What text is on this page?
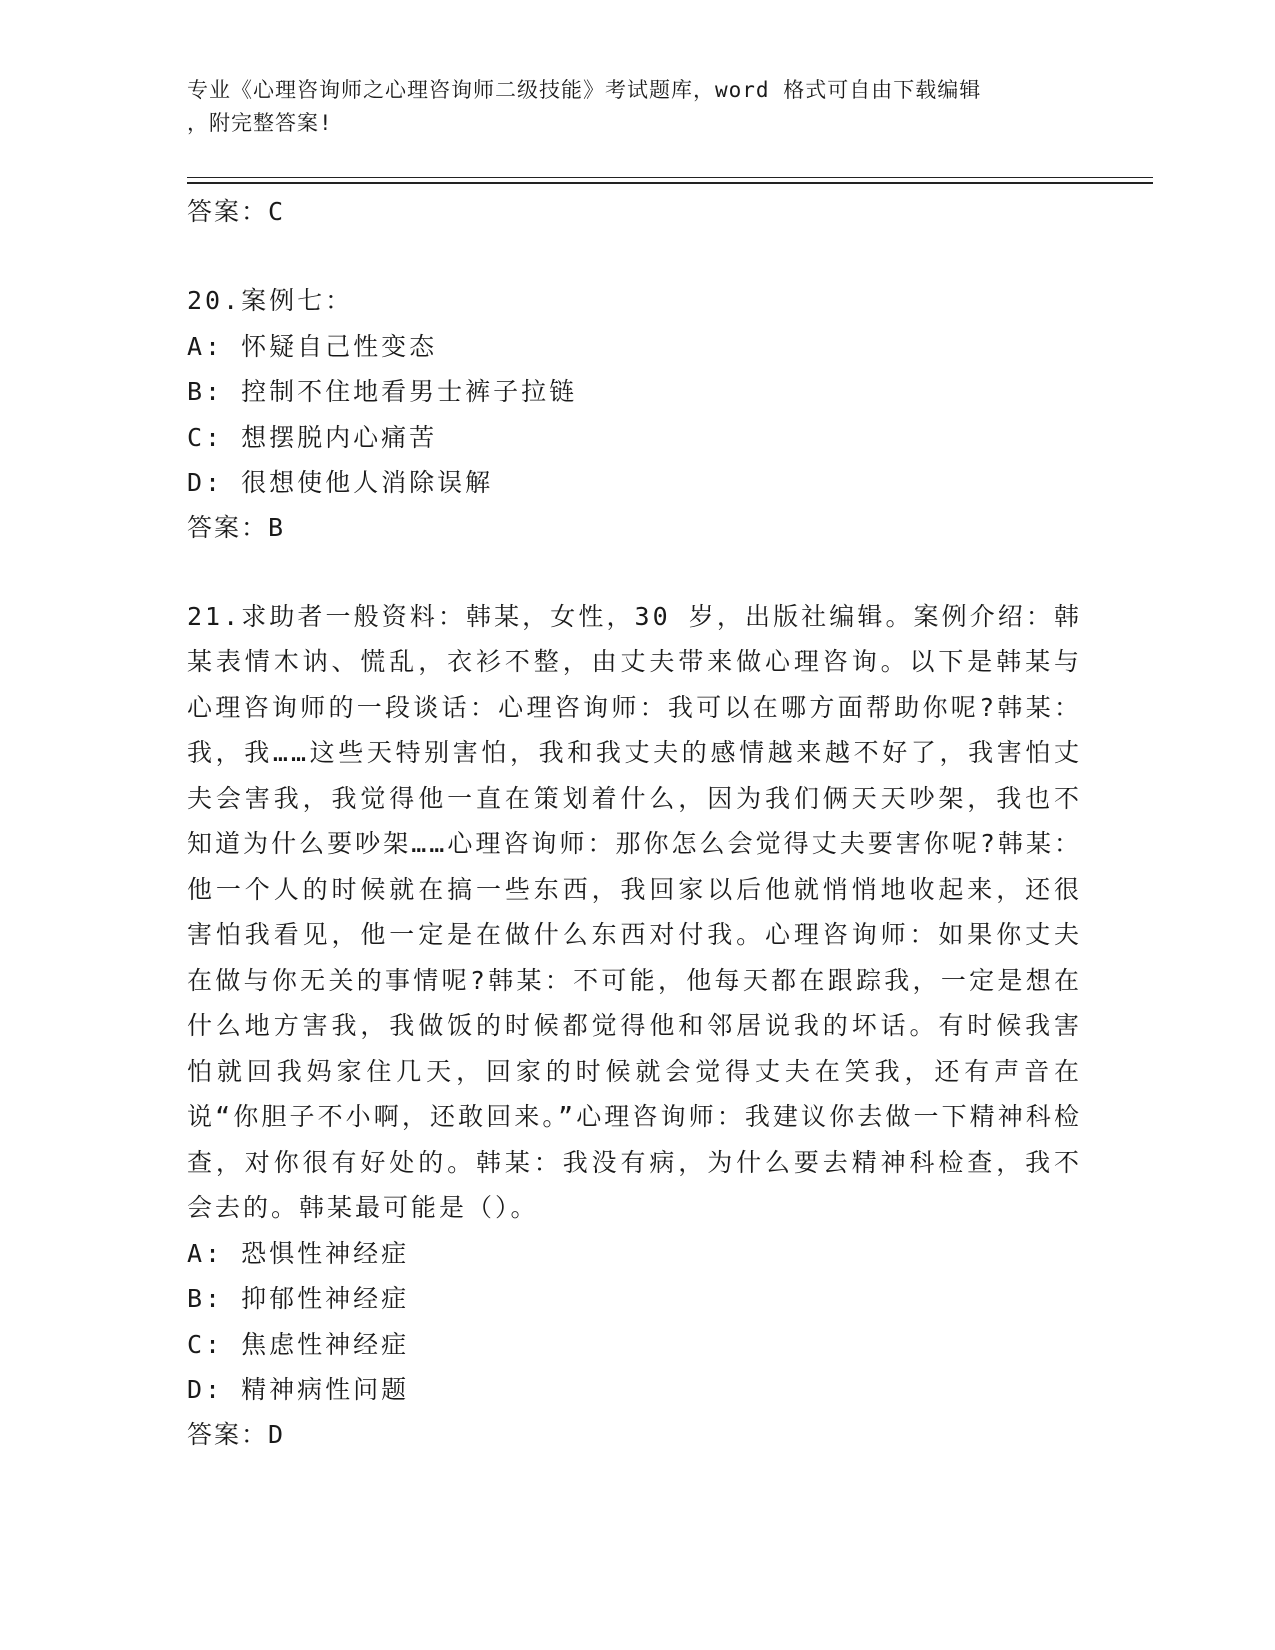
专业《心理咨询师之心理咨询师二级技能》考试题库，word 格式可自由下载编辑
，附完整答案!
答案：C
20.案例七：
A: 怀疑自己性变态
B: 控制不住地看男士裤子拉链
C: 想摆脱内心痛苦
D: 很想使他人消除误解
答案：B
21.求助者一般资料：韩某，女性，30 岁，出版社编辑。案例介绍：韩某表情木讷、慌乱，衣衫不整，由丈夫带来做心理咨询。以下是韩某与心理咨询师的一段谈话：心理咨询师：我可以在哪方面帮助你呢?韩某：我，我……这些天特别害怕，我和我丈夫的感情越来越不好了，我害怕丈夫会害我，我觉得他一直在策划着什么，因为我们俩天天吵架，我也不知道为什么要吵架……心理咨询师：那你怎么会觉得丈夫要害你呢?韩某：他一个人的时候就在搞一些东西，我回家以后他就悄悄地收起来，还很害怕我看见，他一定是在做什么东西对付我。心理咨询师：如果你丈夫在做与你无关的事情呢?韩某：不可能，他每天都在跟踪我，一定是想在什么地方害我，我做饭的时候都觉得他和邻居说我的坏话。有时候我害怕就回我妈家住几天，回家的时候就会觉得丈夫在笑我，还有声音在说“你胆子不小啊，还敢回来。”心理咨询师：我建议你去做一下精神科检查，对你很有好处的。韩某：我没有病，为什么要去精神科检查，我不会去的。韩某最可能是（）。
A: 恐惧性神经症
B: 抑郁性神经症
C: 焦虑性神经症
D: 精神病性问题
答案：D
